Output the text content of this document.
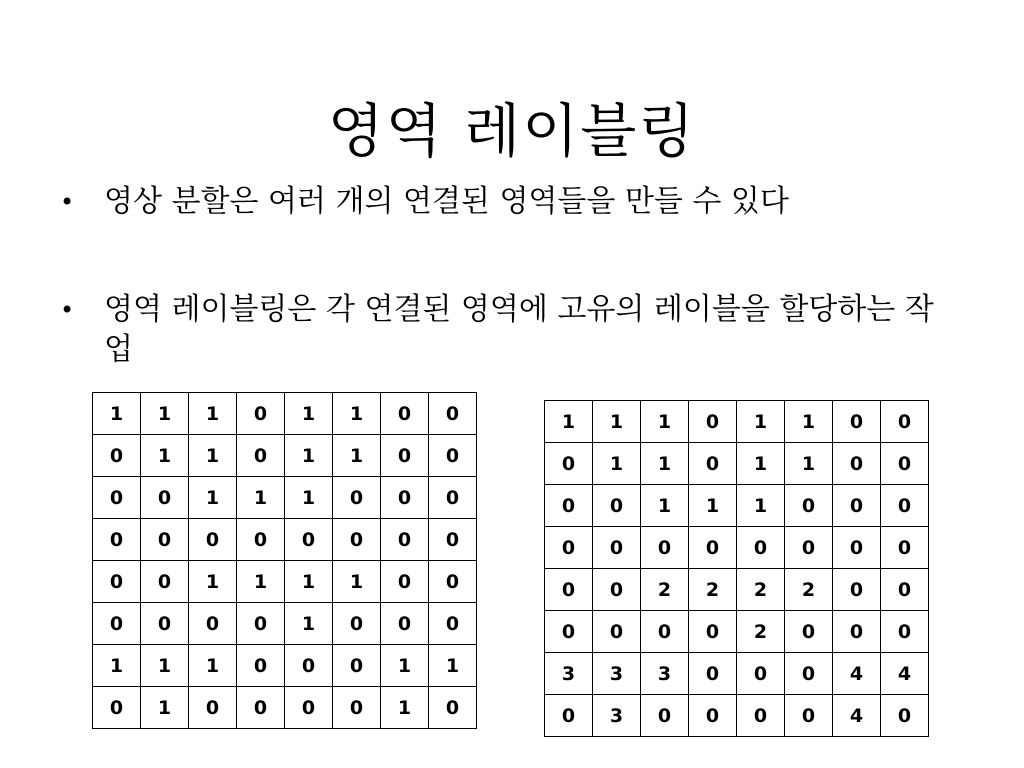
영역 레이블링
• 영상 분할은 여러 개의 연결된 영역들을 만들 수 있다
• 영역 레이블링은 각 연결된 영역에 고유의 레이블을 할당하는 작업
1	1	1	0	1	1	0	0
0	1	1	0	1	1	0	0
0	0	1	1	1	0	0	0
0	0	0	0	0	0	0	0
0	0	1	1	1	1	0	0
0	0	0	0	1	0	0	0
1	1	1	0	0	0	1	1
0	1	0	0	0	0	1	0
1	1	1	0	1	1	0	0
0	1	1	0	1	1	0	0
0	0	1	1	1	0	0	0
0	0	0	0	0	0	0	0
0	0	2	2	2	2	0	0
0	0	0	0	2	0	0	0
3	3	3	0	0	0	4	4
0	3	0	0	0	0	4	0
